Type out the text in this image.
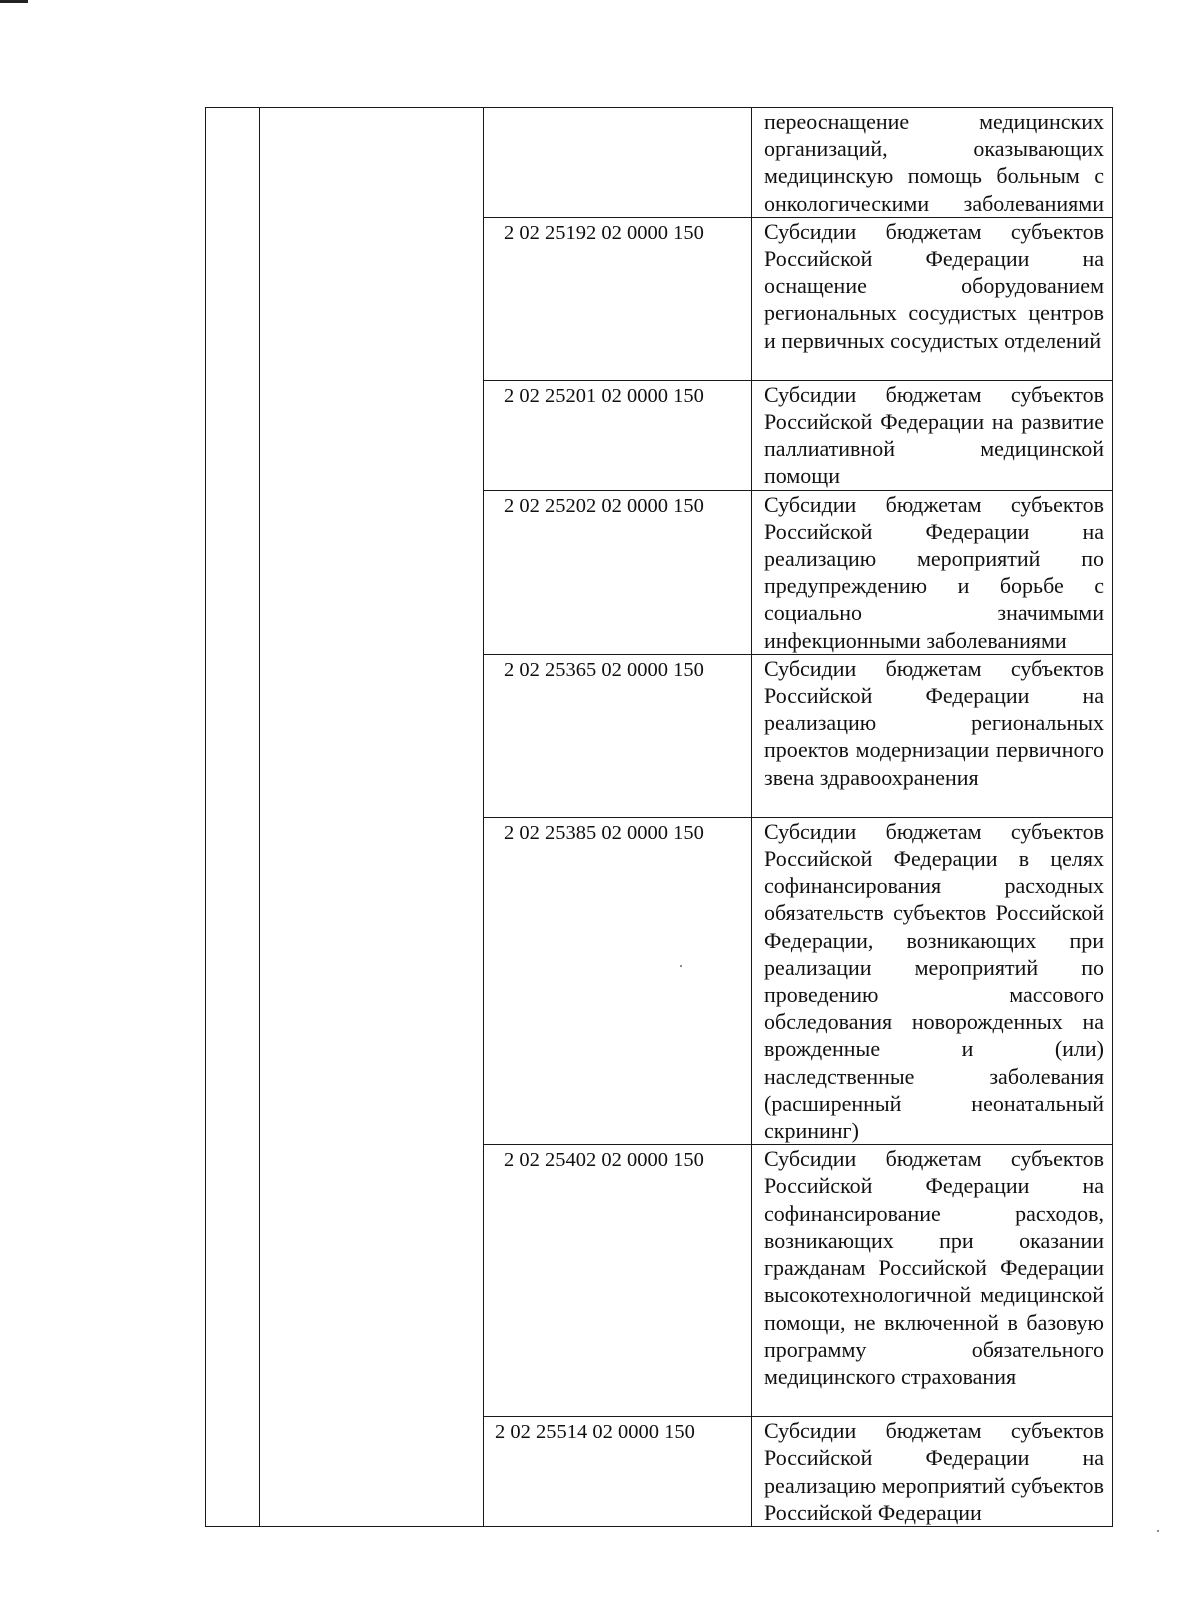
			переоснащение медицинских организаций, оказывающих медицинскую помощь больным с онкологическими заболеваниями

		2 02 25192 02 0000 150	Субсидии бюджетам субъектов Российской Федерации на оснащение оборудованием региональных сосудистых центров и первичных сосудистых отделений

		2 02 25201 02 0000 150	Субсидии бюджетам субъектов Российской Федерации на развитие паллиативной медицинской помощи

		2 02 25202 02 0000 150	Субсидии бюджетам субъектов Российской Федерации на реализацию мероприятий по предупреждению и борьбе с социально значимыми инфекционными заболеваниями

		2 02 25365 02 0000 150	Субсидии бюджетам субъектов Российской Федерации на реализацию региональных проектов модернизации первичного звена здравоохранения

		2 02 25385 02 0000 150	Субсидии бюджетам субъектов Российской Федерации в целях софинансирования расходных обязательств субъектов Российской Федерации, возникающих при реализации мероприятий по проведению массового обследования новорожденных на врожденные и (или) наследственные заболевания (расширенный неонатальный скрининг)

		2 02 25402 02 0000 150	Субсидии бюджетам субъектов Российской Федерации на софинансирование расходов, возникающих при оказании гражданам Российской Федерации высокотехнологичной медицинской помощи, не включенной в базовую программу обязательного медицинского страхования

		2 02 25514 02 0000 150	Субсидии бюджетам субъектов Российской Федерации на реализацию мероприятий субъектов Российской Федерации
